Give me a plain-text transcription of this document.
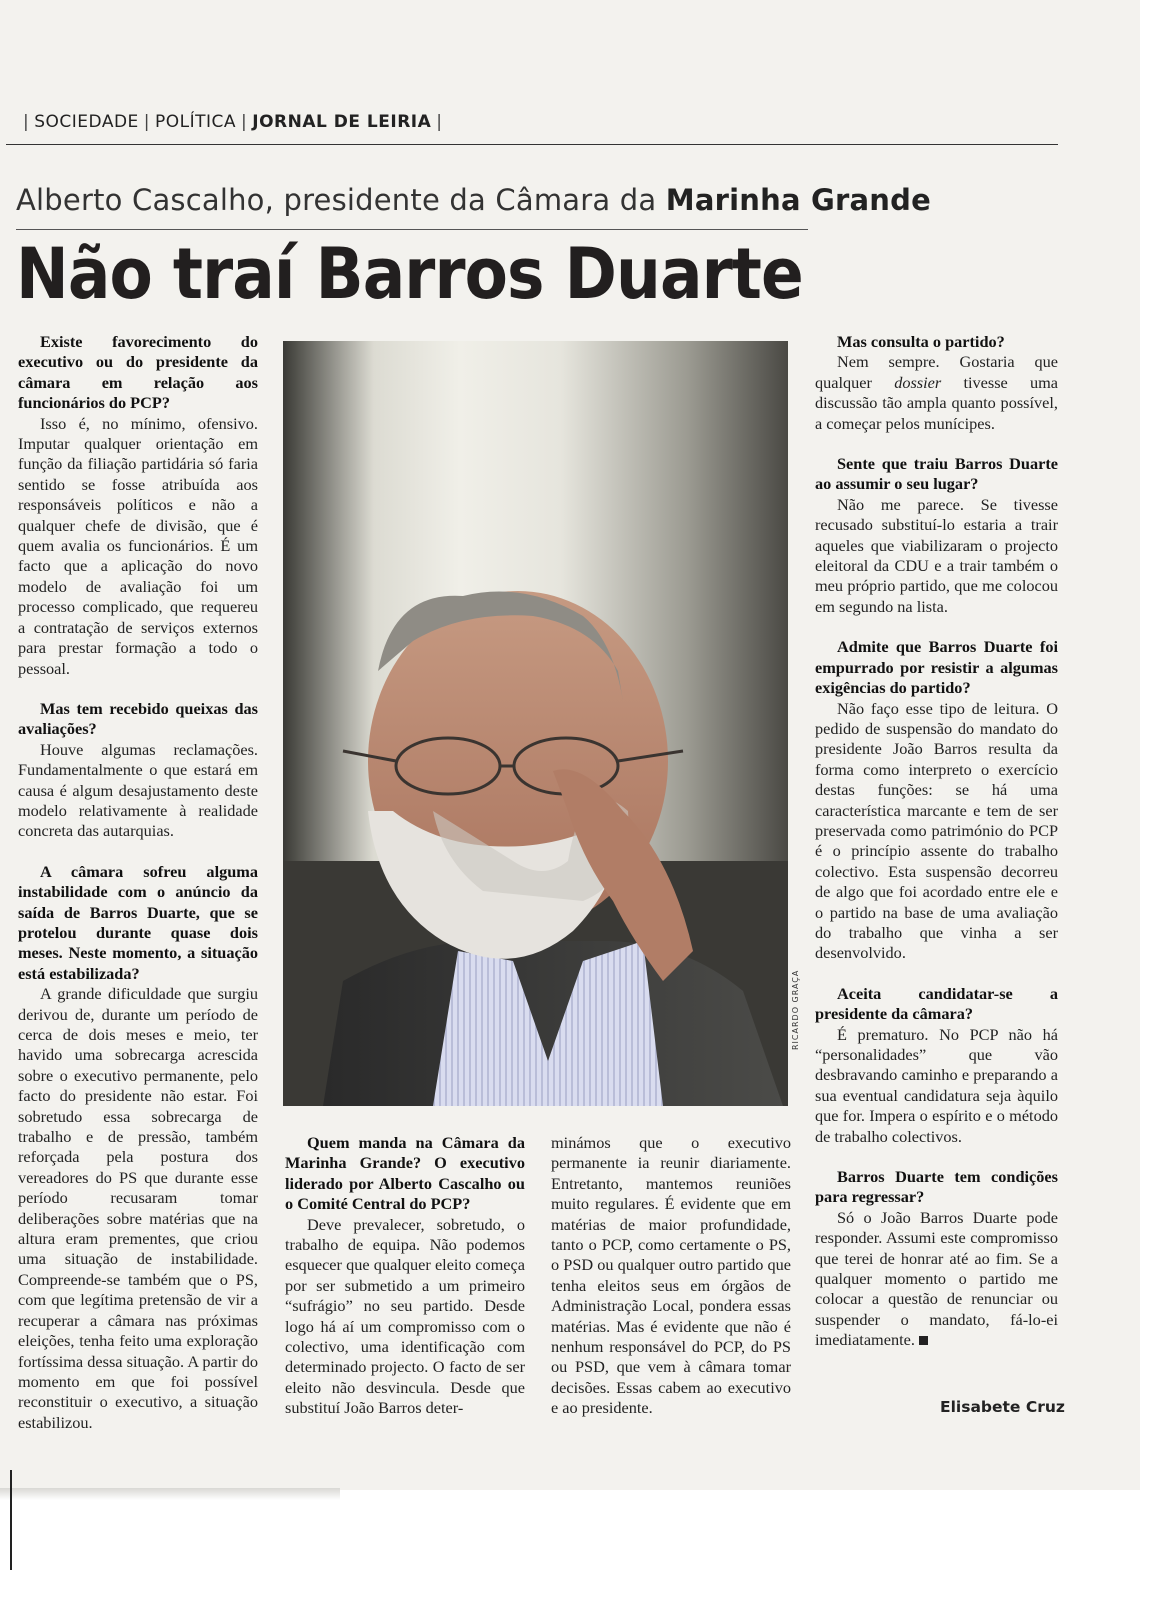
| SOCIEDADE | POLÍTICA | JORNAL DE LEIRIA |
Alberto Cascalho, presidente da Câmara da Marinha Grande
Não traí Barros Duarte

Existe favorecimento do executivo ou do presidente da câmara em relação aos funcionários do PCP?

Isso é, no mínimo, ofensivo. Imputar qualquer orientação em função da filiação partidária só faria sentido se fosse atribuída aos responsáveis políticos e não a qualquer chefe de divisão, que é quem avalia os funcionários. É um facto que a aplicação do novo modelo de avaliação foi um processo complicado, que requereu a contratação de serviços externos para prestar formação a todo o pessoal.

Mas tem recebido queixas das avaliações?

Houve algumas reclamações. Fundamentalmente o que estará em causa é algum desajustamento deste modelo relativamente à realidade concreta das autarquias.

A câmara sofreu alguma instabilidade com o anúncio da saída de Barros Duarte, que se protelou durante quase dois meses. Neste momento, a situação está estabilizada?

A grande dificuldade que surgiu derivou de, durante um período de cerca de dois meses e meio, ter havido uma sobrecarga acrescida sobre o executivo permanente, pelo facto do presidente não estar. Foi sobretudo essa sobrecarga de trabalho e de pressão, também reforçada pela postura dos vereadores do PS que durante esse período recusaram tomar deliberações sobre matérias que na altura eram prementes, que criou uma situação de instabilidade. Compreende-se também que o PS, com que legítima pretensão de vir a recuperar a câmara nas próximas eleições, tenha feito uma exploração fortíssima dessa situação. A partir do momento em que foi possível reconstituir o executivo, a situação estabilizou.

RICARDO GRAÇA

Quem manda na Câmara da Marinha Grande? O executivo liderado por Alberto Cascalho ou o Comité Central do PCP?

Deve prevalecer, sobretudo, o trabalho de equipa. Não podemos esquecer que qualquer eleito começa por ser submetido a um primeiro “sufrágio” no seu partido. Desde logo há aí um compromisso com o colectivo, uma identificação com determinado projecto. O facto de ser eleito não desvincula. Desde que substituí João Barros deter-

minámos que o executivo permanente ia reunir diariamente. Entretanto, mantemos reuniões muito regulares. É evidente que em matérias de maior profundidade, tanto o PCP, como certamente o PS, o PSD ou qualquer outro partido que tenha eleitos seus em órgãos de Administração Local, pondera essas matérias. Mas é evidente que não é nenhum responsável do PCP, do PS ou PSD, que vem à câmara tomar decisões. Essas cabem ao executivo e ao presidente.

Mas consulta o partido?

Nem sempre. Gostaria que qualquer dossier tivesse uma discussão tão ampla quanto possível, a começar pelos munícipes.

Sente que traiu Barros Duarte ao assumir o seu lugar?

Não me parece. Se tivesse recusado substituí-lo estaria a trair aqueles que viabilizaram o projecto eleitoral da CDU e a trair também o meu próprio partido, que me colocou em segundo na lista.

Admite que Barros Duarte foi empurrado por resistir a algumas exigências do partido?

Não faço esse tipo de leitura. O pedido de suspensão do mandato do presidente João Barros resulta da forma como interpreto o exercício destas funções: se há uma característica marcante e tem de ser preservada como património do PCP é o princípio assente do trabalho colectivo. Esta suspensão decorreu de algo que foi acordado entre ele e o partido na base de uma avaliação do trabalho que vinha a ser desenvolvido.

Aceita candidatar-se a presidente da câmara?

É prematuro. No PCP não há “personalidades” que vão desbravando caminho e preparando a sua eventual candidatura seja àquilo que for. Impera o espírito e o método de trabalho colectivos.

Barros Duarte tem condições para regressar?

Só o João Barros Duarte pode responder. Assumi este compromisso que terei de honrar até ao fim. Se a qualquer momento o partido me colocar a questão de renunciar ou suspender o mandato, fá-lo-ei imediatamente.

Elisabete Cruz
